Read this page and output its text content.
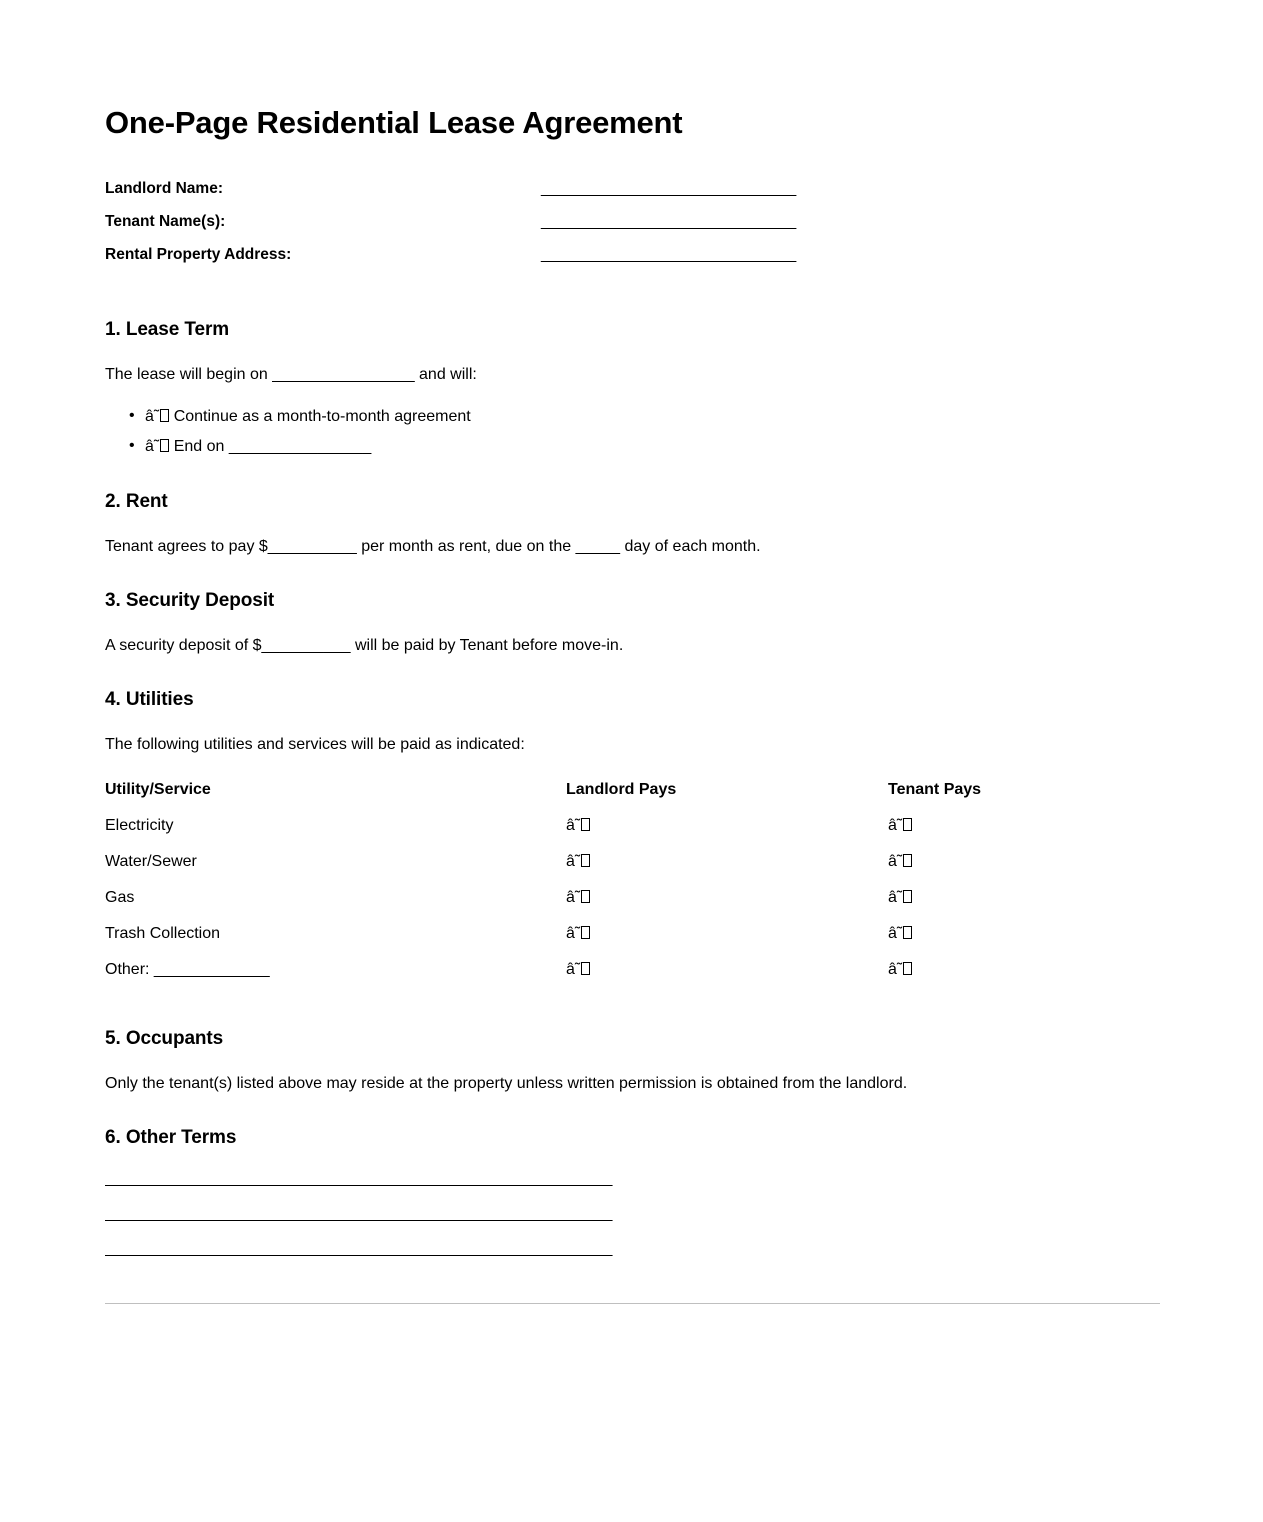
One-Page Residential Lease Agreement
Landlord Name:	_______________________________
Tenant Name(s):	_______________________________
Rental Property Address:	_______________________________
1. Lease Term

The lease will begin on ________________ and will:

• â˜ Continue as a month-to-month agreement
• â˜ End on ________________
2. Rent

Tenant agrees to pay $__________ per month as rent, due on the _____ day of each month.

3. Security Deposit

A security deposit of $__________ will be paid by Tenant before move-in.

4. Utilities

The following utilities and services will be paid as indicated:

Utility/Service	Landlord Pays	Tenant Pays
Electricity	â˜	â˜
Water/Sewer	â˜	â˜
Gas	â˜	â˜
Trash Collection	â˜	â˜
Other: _____________	â˜	â˜
5. Occupants

Only the tenant(s) listed above may reside at the property unless written permission is obtained from the landlord.

6. Other Terms
____________________________________________________________
____________________________________________________________
____________________________________________________________
